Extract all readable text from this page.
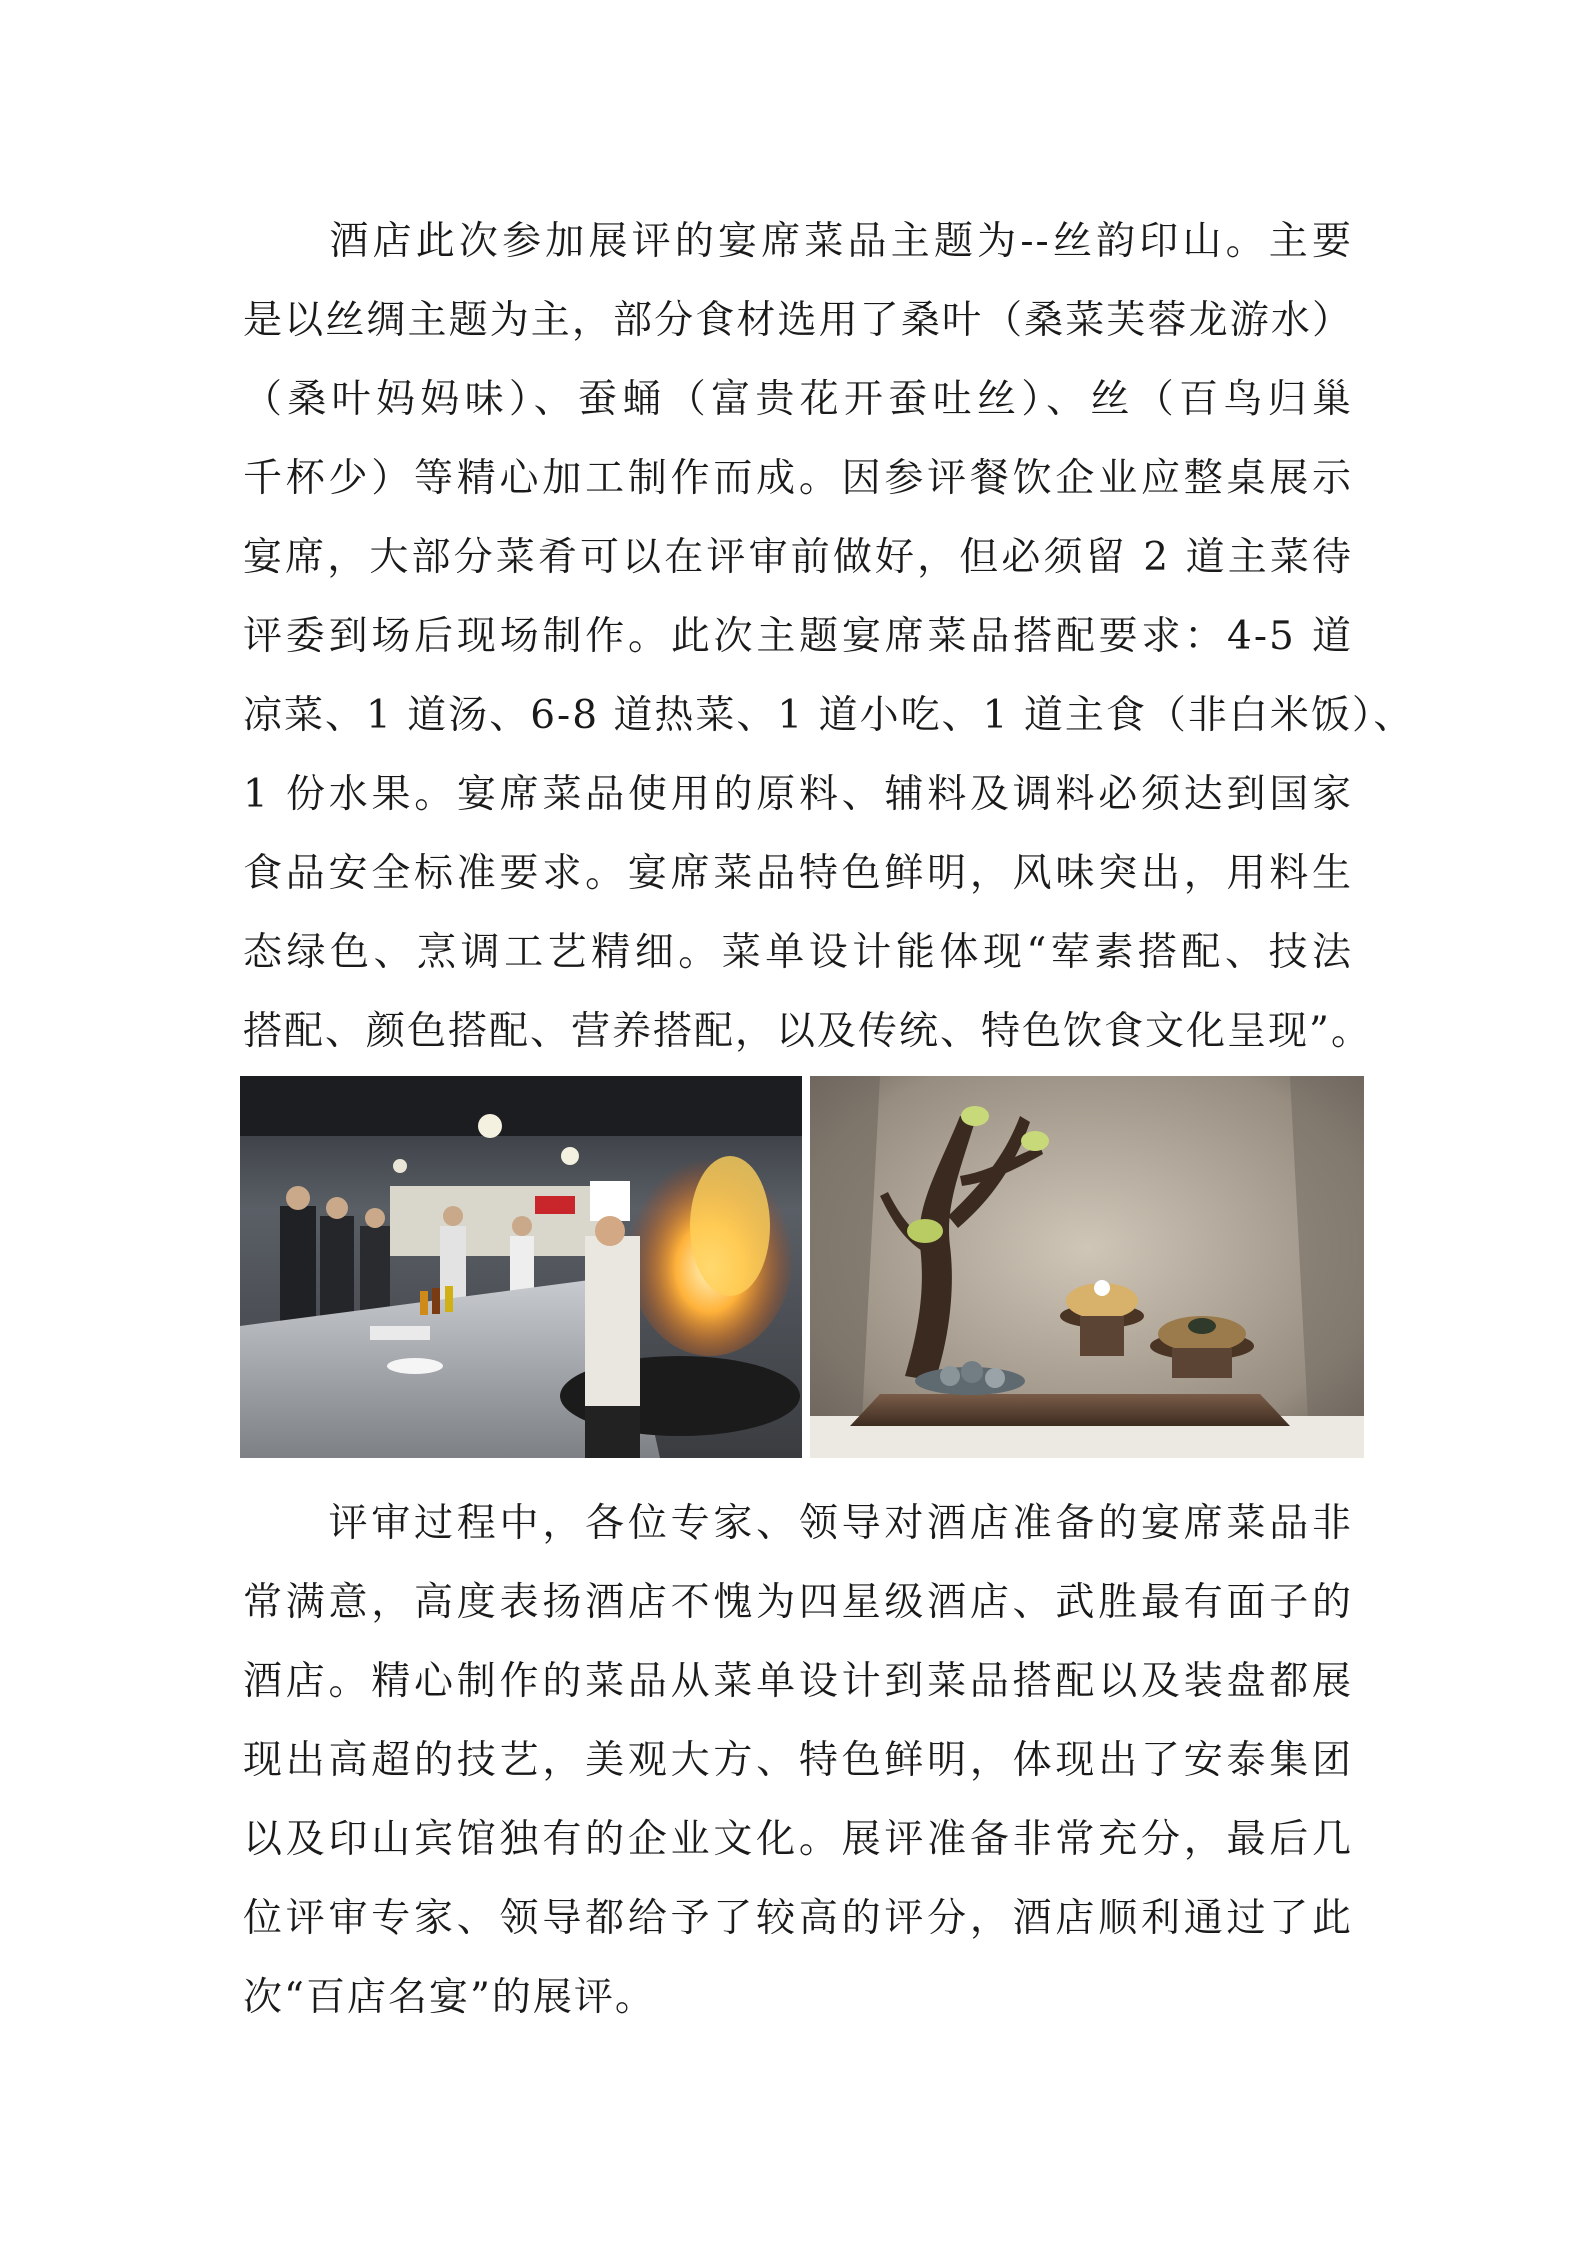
　　酒店此次参加展评的宴席菜品主题为--丝韵印山。主要
是以丝绸主题为主，部分食材选用了桑叶（桑菜芙蓉龙游水）
（桑叶妈妈味）、蚕蛹（富贵花开蚕吐丝）、丝（百鸟归巢
千杯少）等精心加工制作而成。因参评餐饮企业应整桌展示
宴席，大部分菜肴可以在评审前做好，但必须留 2 道主菜待
评委到场后现场制作。此次主题宴席菜品搭配要求：4-5 道
凉菜、1 道汤、6-8 道热菜、1 道小吃、1 道主食（非白米饭）、
1 份水果。宴席菜品使用的原料、辅料及调料必须达到国家
食品安全标准要求。宴席菜品特色鲜明，风味突出，用料生
态绿色、烹调工艺精细。菜单设计能体现“荤素搭配、技法
搭配、颜色搭配、营养搭配，以及传统、特色饮食文化呈现”。
　　评审过程中，各位专家、领导对酒店准备的宴席菜品非
常满意，高度表扬酒店不愧为四星级酒店、武胜最有面子的
酒店。精心制作的菜品从菜单设计到菜品搭配以及装盘都展
现出高超的技艺，美观大方、特色鲜明，体现出了安泰集团
以及印山宾馆独有的企业文化。展评准备非常充分，最后几
位评审专家、领导都给予了较高的评分，酒店顺利通过了此
次“百店名宴”的展评。
